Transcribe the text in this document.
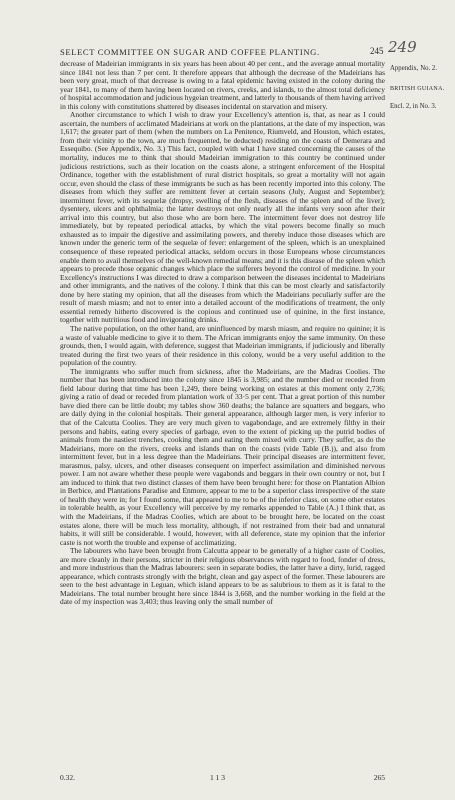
SELECT COMMITTEE ON SUGAR AND COFFEE PLANTING.	245 249

decrease of Madeirian immigrants in six years has been about 40 per cent., and the average annual mortality since 1841 not less than 7 per cent. It therefore appears that although the decrease of the Madeirians has been very great, much of that decrease is owing to a fatal epidemic having existed in the colony during the year 1841, to many of them having been located on rivers, creeks, and islands, to the almost total deficiency of hospital accommodation and judicious hygeian treatment, and latterly to thousands of them having arrived in this colony with constitutions shattered by diseases incidental on starvation and misery.

Another circumstance to which I wish to draw your Excellency's attention is, that, as near as I could ascertain, the numbers of acclimated Madeirians at work on the plantations, at the date of my inspection, was 1,617; the greater part of them (when the numbers on La Penitence, Riumveld, and Houston, which estates, from their vicinity to the town, are much frequented, be deducted) residing on the coasts of Demerara and Essequibo. (See Appendix, No. 3.) This fact, coupled with what I have stated concerning the causes of the mortality, induces me to think that should Madeirian immigration to this country be continued under judicious restrictions, such as their location on the coasts alone, a stringent enforcement of the Hospital Ordinance, together with the establishment of rural district hospitals, so great a mortality will not again occur, even should the class of these immigrants be such as has been recently imported into this colony. The diseases from which they suffer are remittent fever at certain seasons (July, August and September); intermittent fever, with its sequelæ (dropsy, swelling of the flesh, diseases of the spleen and of the liver); dysentery, ulcers and ophthalmia; the latter destroys not only nearly all the infants very soon after their arrival into this country, but also those who are born here. The intermittent fever does not destroy life immediately, but by repeated periodical attacks, by which the vital powers become finally so much exhausted as to impair the digestive and assimilating powers, and thereby induce those diseases which are known under the generic term of the sequelæ of fever: enlargement of the spleen, which is an unexplained consequence of these repeated periodical attacks, seldom occurs in those Europeans whose circumstances enable them to avail themselves of the well-known remedial means; and it is this disease of the spleen which appears to precede those organic changes which place the sufferers beyond the control of medicine. In your Excellency's instructions I was directed to draw a comparison between the diseases incidental to Madeirians and other immigrants, and the natives of the colony. I think that this can be most clearly and satisfactorily done by here stating my opinion, that all the diseases from which the Madeirians peculiarly suffer are the result of marsh miasm; and not to enter into a detailed account of the modifications of treatment, the only essential remedy hitherto discovered is the copious and continued use of quinine, in the first instance, together with nutritious food and invigorating drinks.

The native population, on the other hand, are uninfluenced by marsh miasm, and require no quinine; it is a waste of valuable medicine to give it to them. The African immigrants enjoy the same immunity. On these grounds, then, I would again, with deference, suggest that Madeirian immigrants, if judiciously and liberally treated during the first two years of their residence in this colony, would be a very useful addition to the population of the country.

The immigrants who suffer much from sickness, after the Madeirians, are the Madras Coolies. The number that has been introduced into the colony since 1845 is 3,985; and the number died or receded from field labour during that time has been 1,249, there being working on estates at this moment only 2,736; giving a ratio of dead or receded from plantation work of 33·5 per cent. That a great portion of this number have died there can be little doubt; my tables show 360 deaths; the balance are squatters and beggars, who are daily dying in the colonial hospitals. Their general appearance, although larger men, is very inferior to that of the Calcutta Coolies. They are very much given to vagabondage, and are extremely filthy in their persons and habits, eating every species of garbage, even to the extent of picking up the putrid bodies of animals from the nastiest trenches, cooking them and eating them mixed with curry. They suffer, as do the Madeirians, more on the rivers, creeks and islands than on the coasts (vide Table (B.)), and also from intermittent fever, but in a less degree than the Madeirians. Their principal diseases are intermittent fever, marasmus, palsy, ulcers, and other diseases consequent on imperfect assimilation and diminished nervous power. I am not aware whether these people were vagabonds and beggars in their own country or not, but I am induced to think that two distinct classes of them have been brought here: for those on Plantation Albion in Berbice, and Plantations Paradise and Enmore, appear to me to be a superior class irrespective of the state of health they were in; for I found some, that appeared to me to be of the inferior class, on some other estates in tolerable health, as your Excellency will perceive by my remarks appended to Table (A.) I think that, as with the Madeirians, if the Madras Coolies, which are about to be brought here, be located on the coast estates alone, there will be much less mortality, although, if not restrained from their bad and unnatural habits, it will still be considerable. I would, however, with all deference, state my opinion that the inferior caste is not worth the trouble and expense of acclimatizing.

The labourers who have been brought from Calcutta appear to be generally of a higher caste of Coolies, are more cleanly in their persons, stricter in their religious observances with regard to food, fonder of dress, and more industrious than the Madras labourers: seen in separate bodies, the latter have a dirty, lurid, ragged appearance, which contrasts strongly with the bright, clean and gay aspect of the former. These labourers are seen to the best advantage in Leguan, which island appears to be as salubrious to them as it is fatal to the Madeirians. The total number brought here since 1844 is 3,668, and the number working in the field at the date of my inspection was 3,403; thus leaving only the small number of

Appendix, No. 2.
BRITISH GUIANA.
Encl. 2, in No. 3.
0.32.	1 1 3	265
